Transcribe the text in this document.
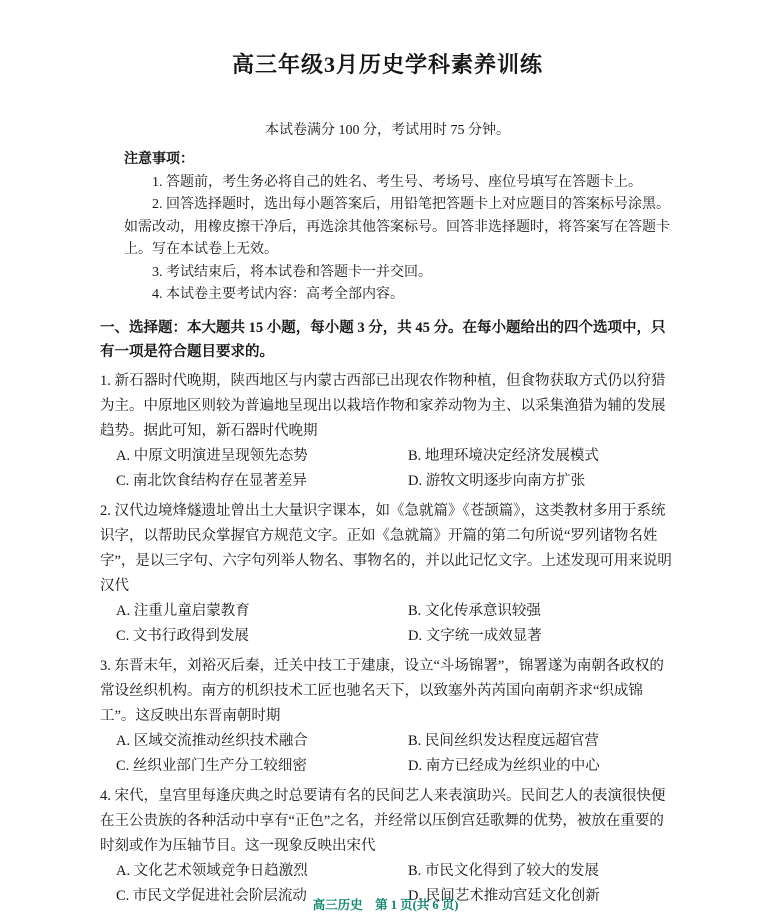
高三年级3月历史学科素养训练

本试卷满分 100 分，考试用时 75 分钟。

注意事项：

1. 答题前，考生务必将自己的姓名、考生号、考场号、座位号填写在答题卡上。

2. 回答选择题时，选出每小题答案后，用铅笔把答题卡上对应题目的答案标号涂黑。如需改动，用橡皮擦干净后，再选涂其他答案标号。回答非选择题时，将答案写在答题卡上。写在本试卷上无效。

3. 考试结束后，将本试卷和答题卡一并交回。

4. 本试卷主要考试内容：高考全部内容。

一、选择题：本大题共 15 小题，每小题 3 分，共 45 分。在每小题给出的四个选项中，只有一项是符合题目要求的。

1. 新石器时代晚期，陕西地区与内蒙古西部已出现农作物种植，但食物获取方式仍以狩猎为主。中原地区则较为普遍地呈现出以栽培作物和家养动物为主、以采集渔猎为辅的发展趋势。据此可知，新石器时代晚期

A. 中原文明演进呈现领先态势	B. 地理环境决定经济发展模式
C. 南北饮食结构存在显著差异	D. 游牧文明逐步向南方扩张

2. 汉代边境烽燧遗址曾出土大量识字课本，如《急就篇》《苍颉篇》，这类教材多用于系统识字，以帮助民众掌握官方规范文字。正如《急就篇》开篇的第二句所说“罗列诸物名姓字”，是以三字句、六字句列举人物名、事物名的，并以此记忆文字。上述发现可用来说明汉代

A. 注重儿童启蒙教育	B. 文化传承意识较强
C. 文书行政得到发展	D. 文字统一成效显著

3. 东晋末年，刘裕灭后秦，迁关中技工于建康，设立“斗场锦署”，锦署遂为南朝各政权的常设丝织机构。南方的机织技术工匠也驰名天下，以致塞外芮芮国向南朝齐求“织成锦工”。这反映出东晋南朝时期

A. 区域交流推动丝织技术融合	B. 民间丝织发达程度远超官营
C. 丝织业部门生产分工较细密	D. 南方已经成为丝织业的中心

4. 宋代，皇宫里每逢庆典之时总要请有名的民间艺人来表演助兴。民间艺人的表演很快便在王公贵族的各种活动中享有“正色”之名，并经常以压倒宫廷歌舞的优势，被放在重要的时刻或作为压轴节目。这一现象反映出宋代

A. 文化艺术领域竞争日趋激烈	B. 市民文化得到了较大的发展
C. 市民文学促进社会阶层流动	D. 民间艺术推动宫廷文化创新
高三历史　第 1 页(共 6 页)
